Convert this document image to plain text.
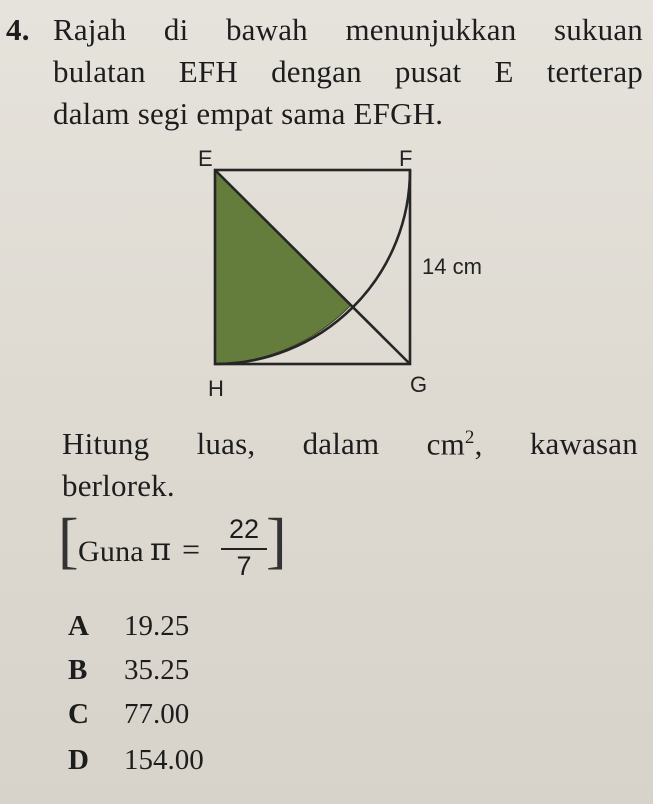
4. Rajah di bawah menunjukkan sukuan
bulatan EFH dengan pusat E terterap
dalam segi empat sama EFGH.
E	F
G
H
14 cm
Hitung luas, dalam $cm^2$, kawasan
berlorek.
[ Guna π =
22
7 ]
A 19.25
B 35.25
C 77.00
D 154.00
